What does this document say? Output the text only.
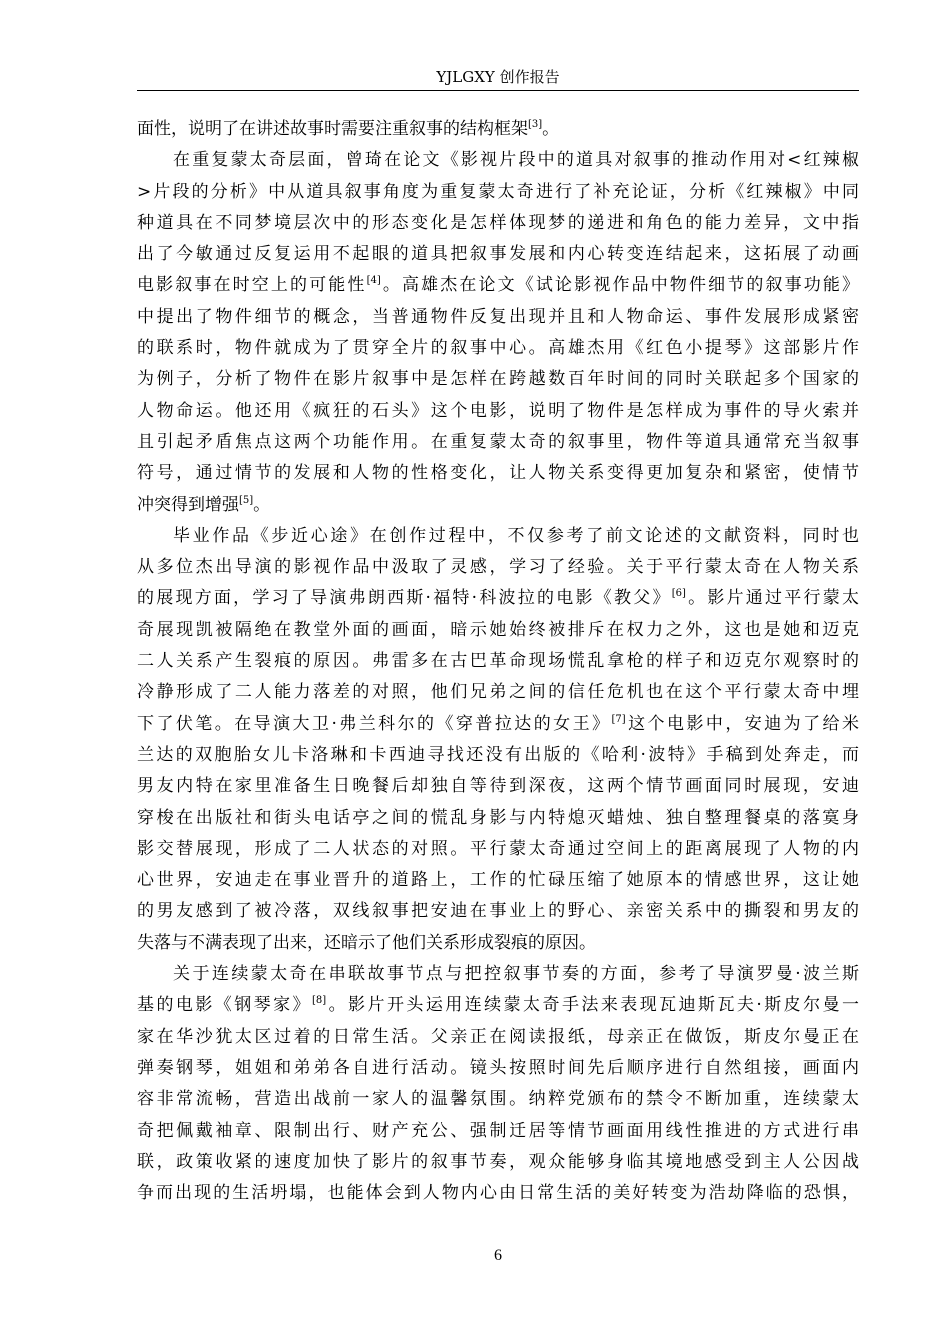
YJLGXY 创作报告
面性，说明了在讲述故事时需要注重叙事的结构框架[3]。
在重复蒙太奇层面，曾琦在论文《影视片段中的道具对叙事的推动作用对<红辣椒
>片段的分析》中从道具叙事角度为重复蒙太奇进行了补充论证，分析《红辣椒》中同
种道具在不同梦境层次中的形态变化是怎样体现梦的递进和角色的能力差异，文中指
出了今敏通过反复运用不起眼的道具把叙事发展和内心转变连结起来，这拓展了动画
电影叙事在时空上的可能性[4]。高雄杰在论文《试论影视作品中物件细节的叙事功能》
中提出了物件细节的概念，当普通物件反复出现并且和人物命运、事件发展形成紧密
的联系时，物件就成为了贯穿全片的叙事中心。高雄杰用《红色小提琴》这部影片作
为例子，分析了物件在影片叙事中是怎样在跨越数百年时间的同时关联起多个国家的
人物命运。他还用《疯狂的石头》这个电影，说明了物件是怎样成为事件的导火索并
且引起矛盾焦点这两个功能作用。在重复蒙太奇的叙事里，物件等道具通常充当叙事
符号，通过情节的发展和人物的性格变化，让人物关系变得更加复杂和紧密，使情节
冲突得到增强[5]。
毕业作品《步近心途》在创作过程中，不仅参考了前文论述的文献资料，同时也
从多位杰出导演的影视作品中汲取了灵感，学习了经验。关于平行蒙太奇在人物关系
的展现方面，学习了导演弗朗西斯·福特·科波拉的电影《教父》[6]。影片通过平行蒙太
奇展现凯被隔绝在教堂外面的画面，暗示她始终被排斥在权力之外，这也是她和迈克
二人关系产生裂痕的原因。弗雷多在古巴革命现场慌乱拿枪的样子和迈克尔观察时的
冷静形成了二人能力落差的对照，他们兄弟之间的信任危机也在这个平行蒙太奇中埋
下了伏笔。在导演大卫·弗兰科尔的《穿普拉达的女王》[7]这个电影中，安迪为了给米
兰达的双胞胎女儿卡洛琳和卡西迪寻找还没有出版的《哈利·波特》手稿到处奔走，而
男友内特在家里准备生日晚餐后却独自等待到深夜，这两个情节画面同时展现，安迪
穿梭在出版社和街头电话亭之间的慌乱身影与内特熄灭蜡烛、独自整理餐桌的落寞身
影交替展现，形成了二人状态的对照。平行蒙太奇通过空间上的距离展现了人物的内
心世界，安迪走在事业晋升的道路上，工作的忙碌压缩了她原本的情感世界，这让她
的男友感到了被冷落，双线叙事把安迪在事业上的野心、亲密关系中的撕裂和男友的
失落与不满表现了出来，还暗示了他们关系形成裂痕的原因。
关于连续蒙太奇在串联故事节点与把控叙事节奏的方面，参考了导演罗曼·波兰斯
基的电影《钢琴家》[8]。影片开头运用连续蒙太奇手法来表现瓦迪斯瓦夫·斯皮尔曼一
家在华沙犹太区过着的日常生活。父亲正在阅读报纸，母亲正在做饭，斯皮尔曼正在
弹奏钢琴，姐姐和弟弟各自进行活动。镜头按照时间先后顺序进行自然组接，画面内
容非常流畅，营造出战前一家人的温馨氛围。纳粹党颁布的禁令不断加重，连续蒙太
奇把佩戴袖章、限制出行、财产充公、强制迁居等情节画面用线性推进的方式进行串
联，政策收紧的速度加快了影片的叙事节奏，观众能够身临其境地感受到主人公因战
争而出现的生活坍塌，也能体会到人物内心由日常生活的美好转变为浩劫降临的恐惧，
6
